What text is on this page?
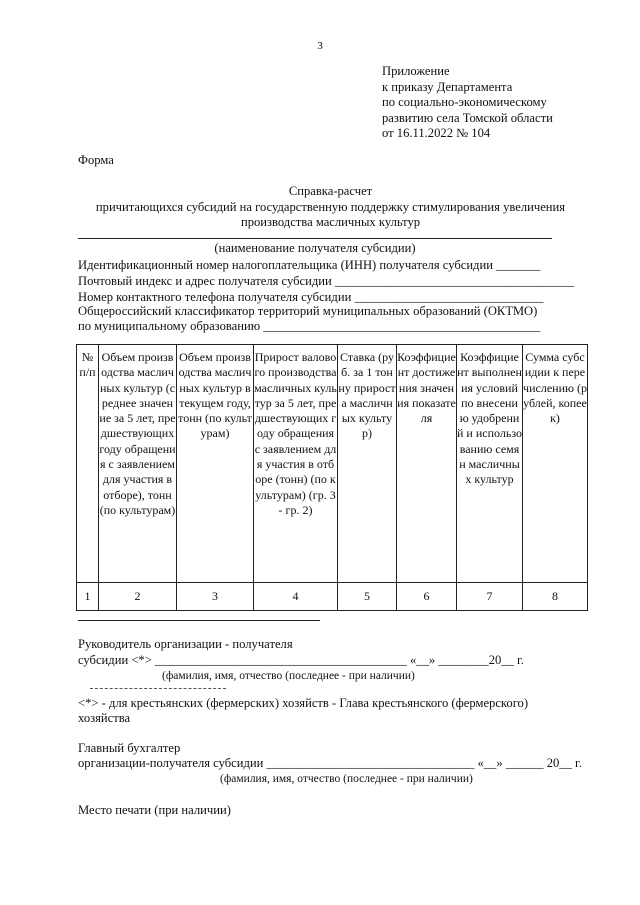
3
Приложение
к приказу Департамента
по социально-экономическому
развитию села Томской области
от 16.11.2022 № 104
Форма
Справка-расчет
причитающихся субсидий на государственную поддержку стимулирования увеличения
производства масличных культур
(наименование получателя субсидии)
Идентификационный номер налогоплательщика (ИНН) получателя субсидии _______
Почтовый индекс и адрес получателя субсидии ______________________________________
Номер контактного телефона получателя субсидии ______________________________
Общероссийский классификатор территорий муниципальных образований (ОКТМО)
по муниципальному образованию ____________________________________________
№ п/п	Объем производства масличных культур (среднее значение за 5 лет, предшествующих году обращения с заявлением для участия в отборе), тонн (по культурам)	Объем производства масличных культур в текущем году, тонн (по культурам)	Прирост валового производства масличных культур за 5 лет, предшествующих году обращения с заявлением для участия в отборе (тонн) (по культурам) (гр. 3 - гр. 2)	Ставка (руб. за 1 тонну прироста масличных культур)	Коэффициент достижения значения показателя	Коэффициент выполнения условий по внесению удобрений и использованию семян масличных культур	Сумма субсидии к перечислению (рублей, копеек)
1	2	3	4	5	6	7	8
Руководитель организации - получателя
субсидии <*> ________________________________________ «__» ________20__ г.
(фамилия, имя, отчество (последнее - при наличии)
<*> - для крестьянских (фермерских) хозяйств - Глава крестьянского (фермерского)
хозяйства
Главный бухгалтер
организации-получателя субсидии _________________________________ «__» ______ 20__ г.
(фамилия, имя, отчество (последнее - при наличии)
Место печати (при наличии)
